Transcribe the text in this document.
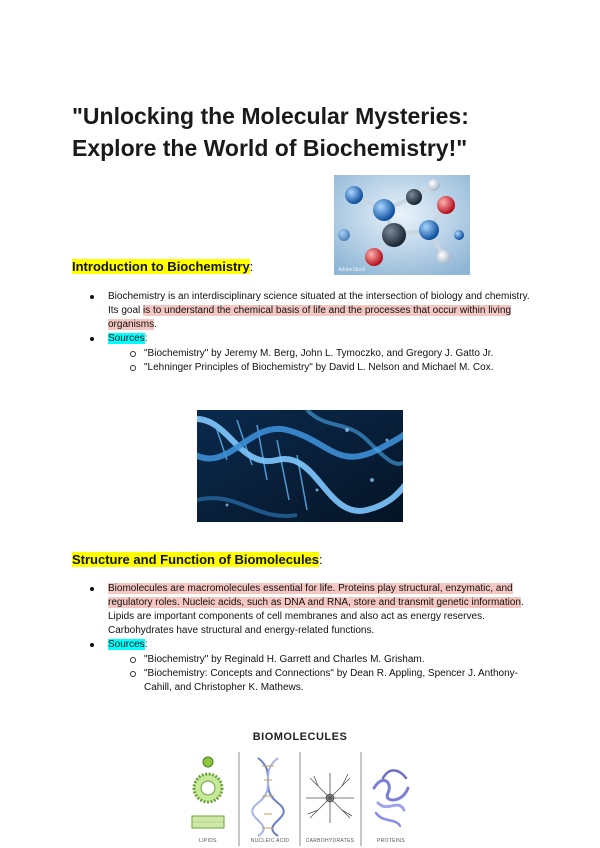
"Unlocking the Molecular Mysteries: Explore the World of Biochemistry!"
AdobeStock
Introduction to Biochemistry:
Biochemistry is an interdisciplinary science situated at the intersection of biology and chemistry. Its goal is to understand the chemical basis of life and the processes that occur within living organisms.
Sources:
"Biochemistry" by Jeremy M. Berg, John L. Tymoczko, and Gregory J. Gatto Jr.
"Lehninger Principles of Biochemistry" by David L. Nelson and Michael M. Cox.
Structure and Function of Biomolecules:
Biomolecules are macromolecules essential for life. Proteins play structural, enzymatic, and regulatory roles. Nucleic acids, such as DNA and RNA, store and transmit genetic information. Lipids are important components of cell membranes and also act as energy reserves. Carbohydrates have structural and energy-related functions.
Sources:
"Biochemistry" by Reginald H. Garrett and Charles M. Grisham.
"Biochemistry: Concepts and Connections" by Dean R. Appling, Spencer J. Anthony-Cahill, and Christopher K. Mathews.
BIOMOLECULES
LIPIDS	NUCLEIC ACID	CARBOHYDRATES	PROTEINS
